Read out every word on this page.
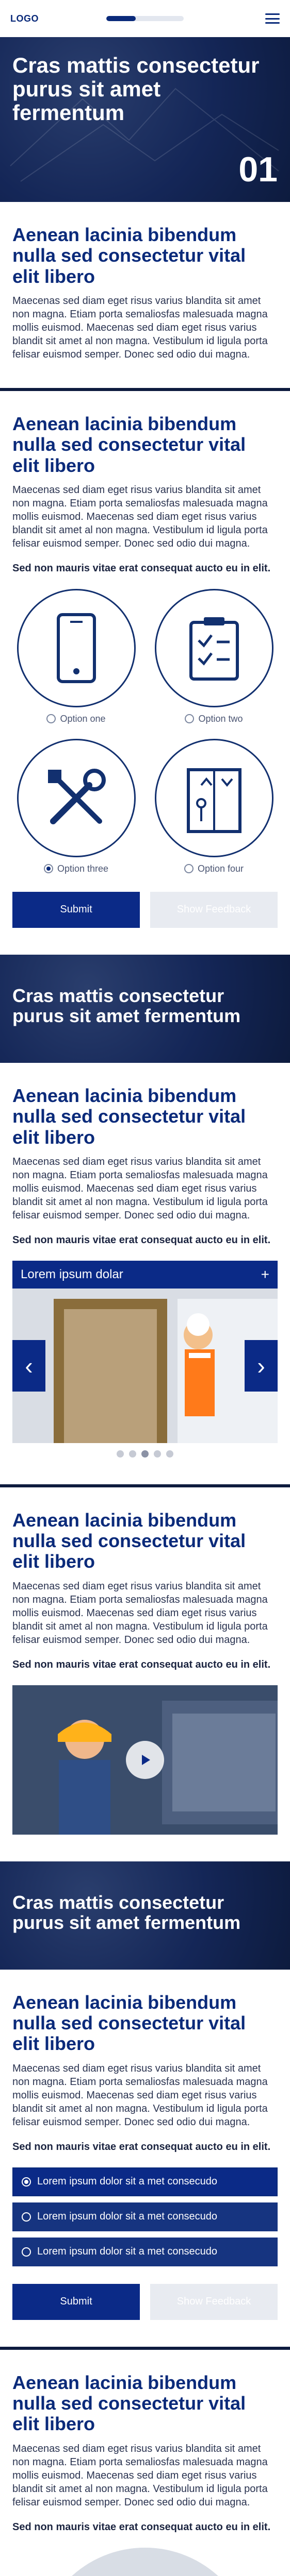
LOGO
Cras mattis consectetur purus sit amet fermentum
01
Aenean lacinia bibendum nulla sed consectetur vital elit libero

Maecenas sed diam eget risus varius blandita sit amet non magna. Etiam porta semaliosfas malesuada magna mollis euismod. Maecenas sed diam eget risus varius blandit sit amet al non magna. Vestibulum id ligula porta felisar euismod semper. Donec sed odio dui magna.

Aenean lacinia bibendum nulla sed consectetur vital elit libero

Maecenas sed diam eget risus varius blandita sit amet non magna. Etiam porta semaliosfas malesuada magna mollis euismod. Maecenas sed diam eget risus varius blandit sit amet al non magna. Vestibulum id ligula porta felisar euismod semper. Donec sed odio dui magna.

Sed non mauris vitae erat consequat aucto eu in elit.
Option one	Option two
Option three	Option four
Submit	Show Feedback
Cras mattis consectetur purus sit amet fermentum
Aenean lacinia bibendum nulla sed consectetur vital elit libero

Maecenas sed diam eget risus varius blandita sit amet non magna. Etiam porta semaliosfas malesuada magna mollis euismod. Maecenas sed diam eget risus varius blandit sit amet al non magna. Vestibulum id ligula porta felisar euismod semper. Donec sed odio dui magna.

Sed non mauris vitae erat consequat aucto eu in elit.
Lorem ipsum dolar	+
‹	›
Aenean lacinia bibendum nulla sed consectetur vital elit libero

Maecenas sed diam eget risus varius blandita sit amet non magna. Etiam porta semaliosfas malesuada magna mollis euismod. Maecenas sed diam eget risus varius blandit sit amet al non magna. Vestibulum id ligula porta felisar euismod semper. Donec sed odio dui magna.

Sed non mauris vitae erat consequat aucto eu in elit.
Cras mattis consectetur purus sit amet fermentum
Aenean lacinia bibendum nulla sed consectetur vital elit libero

Maecenas sed diam eget risus varius blandita sit amet non magna. Etiam porta semaliosfas malesuada magna mollis euismod. Maecenas sed diam eget risus varius blandit sit amet al non magna. Vestibulum id ligula porta felisar euismod semper. Donec sed odio dui magna.

Sed non mauris vitae erat consequat aucto eu in elit.
Lorem ipsum dolor sit a met consecudo
Lorem ipsum dolor sit a met consecudo
Lorem ipsum dolor sit a met consecudo
Submit	Show Feedback
Aenean lacinia bibendum nulla sed consectetur vital elit libero

Maecenas sed diam eget risus varius blandita sit amet non magna. Etiam porta semaliosfas malesuada magna mollis euismod. Maecenas sed diam eget risus varius blandit sit amet al non magna. Vestibulum id ligula porta felisar euismod semper. Donec sed odio dui magna.

Sed non mauris vitae erat consequat aucto eu in elit.
